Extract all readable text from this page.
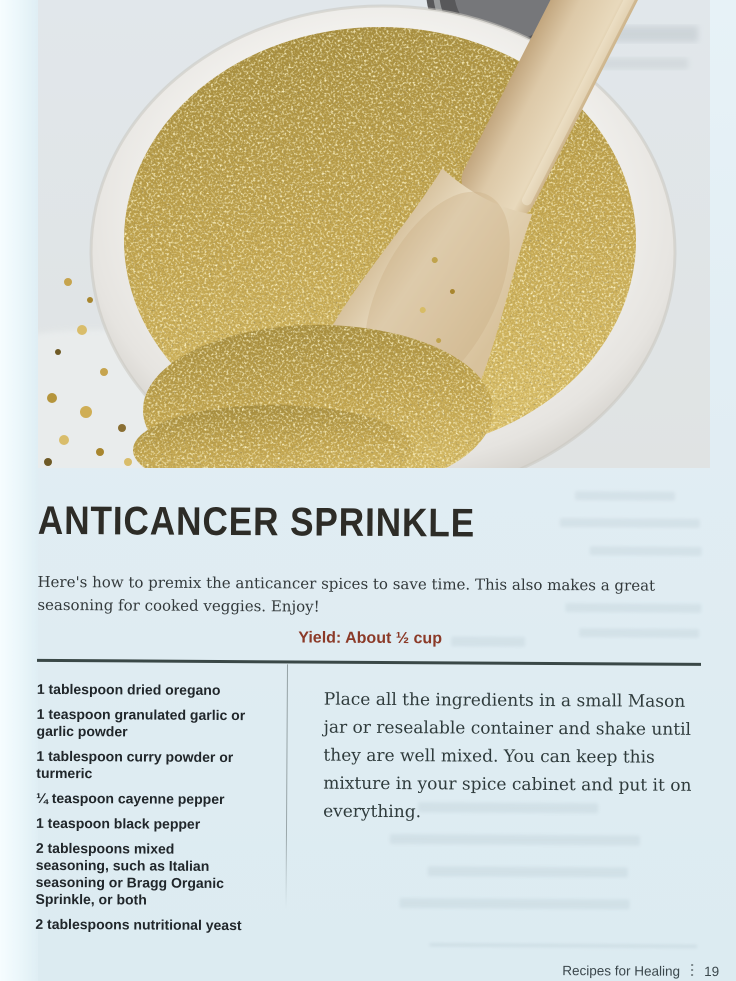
ANTICANCER SPRINKLE
Here's how to premix the anticancer spices to save time. This also makes a great seasoning for cooked veggies. Enjoy!
Yield: About ½ cup
1 tablespoon dried oregano
1 teaspoon granulated garlic or
garlic powder
1 tablespoon curry powder or
turmeric
¼ teaspoon cayenne pepper
1 teaspoon black pepper
2 tablespoons mixed
seasoning, such as Italian
seasoning or Bragg Organic
Sprinkle, or both
2 tablespoons nutritional yeast
Place all the ingredients in a small Mason jar or resealable container and shake until they are well mixed. You can keep this mixture in your spice cabinet and put it on everything.
Recipes for Healing 19
